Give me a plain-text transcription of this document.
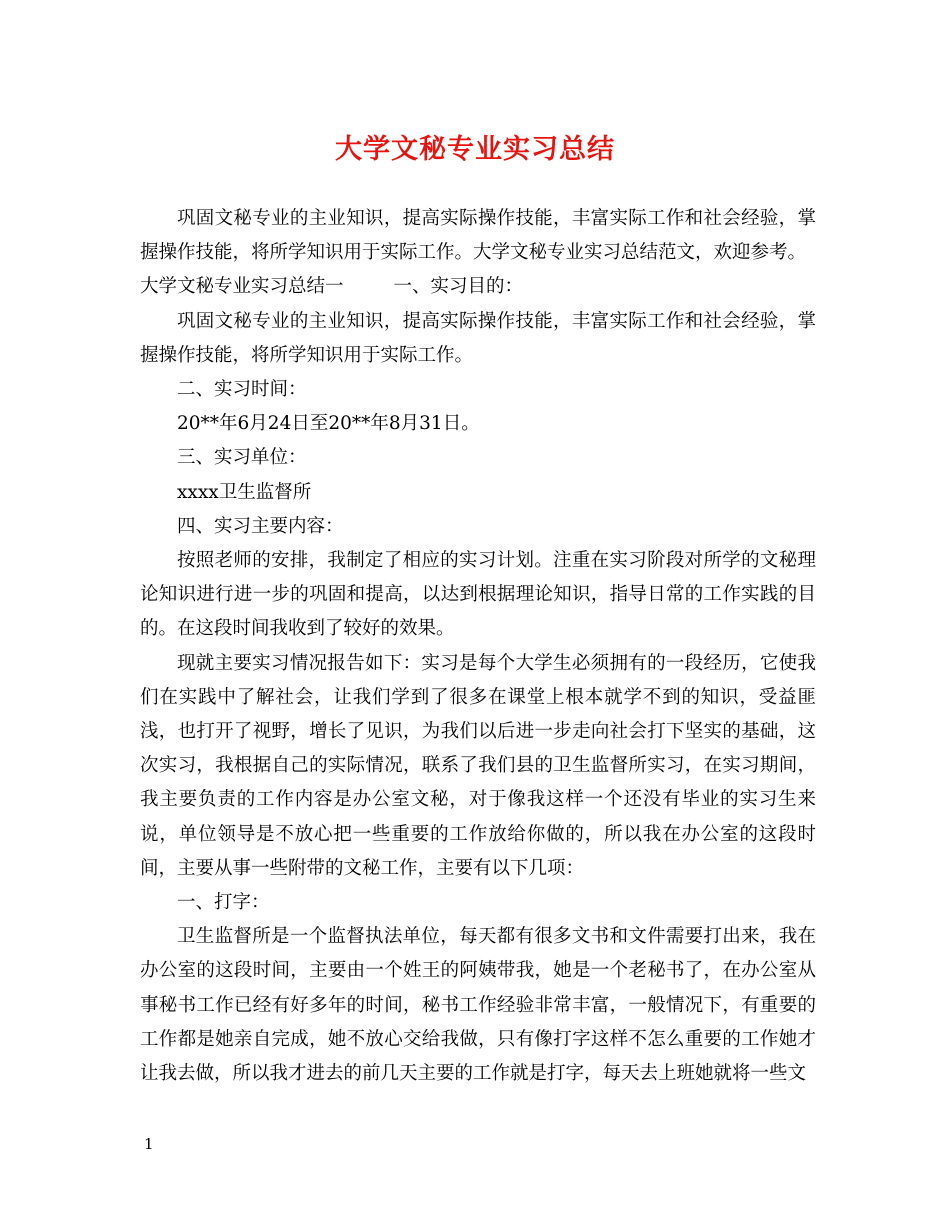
大学文秘专业实习总结

巩固文秘专业的主业知识，提高实际操作技能，丰富实际工作和社会经验，掌握操作技能，将所学知识用于实际工作。大学文秘专业实习总结范文，欢迎参考。

大学文秘专业实习总结一	一、实习目的：

巩固文秘专业的主业知识，提高实际操作技能，丰富实际工作和社会经验，掌握操作技能，将所学知识用于实际工作。

二、实习时间：

20**年6月24日至20**年8月31日。

三、实习单位：

xxxx卫生监督所

四、实习主要内容：

按照老师的安排，我制定了相应的实习计划。注重在实习阶段对所学的文秘理论知识进行进一步的巩固和提高，以达到根据理论知识，指导日常的工作实践的目的。在这段时间我收到了较好的效果。

现就主要实习情况报告如下：实习是每个大学生必须拥有的一段经历，它使我们在实践中了解社会，让我们学到了很多在课堂上根本就学不到的知识，受益匪浅，也打开了视野，增长了见识，为我们以后进一步走向社会打下坚实的基础，这次实习，我根据自己的实际情况，联系了我们县的卫生监督所实习，在实习期间，我主要负责的工作内容是办公室文秘，对于像我这样一个还没有毕业的实习生来说，单位领导是不放心把一些重要的工作放给你做的，所以我在办公室的这段时间，主要从事一些附带的文秘工作，主要有以下几项：

一、打字：

卫生监督所是一个监督执法单位，每天都有很多文书和文件需要打出来，我在办公室的这段时间，主要由一个姓王的阿姨带我，她是一个老秘书了，在办公室从事秘书工作已经有好多年的时间，秘书工作经验非常丰富，一般情况下，有重要的工作都是她亲自完成，她不放心交给我做，只有像打字这样不怎么重要的工作她才让我去做，所以我才进去的前几天主要的工作就是打字，每天去上班她就将一些文

1
